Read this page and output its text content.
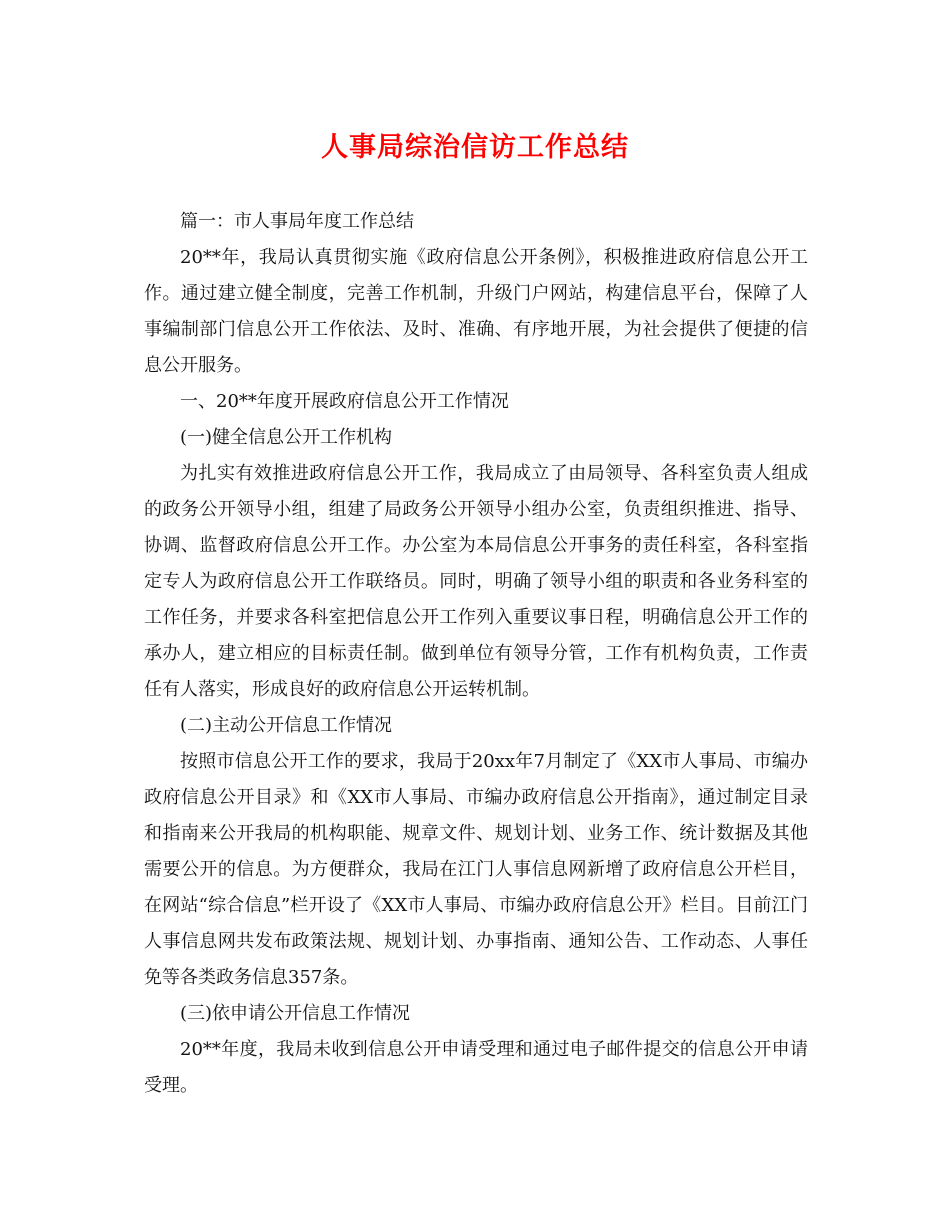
人事局综治信访工作总结

篇一：市人事局年度工作总结

20**年，我局认真贯彻实施《政府信息公开条例》，积极推进政府信息公开工作。通过建立健全制度，完善工作机制，升级门户网站，构建信息平台，保障了人事编制部门信息公开工作依法、及时、准确、有序地开展，为社会提供了便捷的信息公开服务。

一、20**年度开展政府信息公开工作情况

(一)健全信息公开工作机构

为扎实有效推进政府信息公开工作，我局成立了由局领导、各科室负责人组成的政务公开领导小组，组建了局政务公开领导小组办公室，负责组织推进、指导、协调、监督政府信息公开工作。办公室为本局信息公开事务的责任科室，各科室指定专人为政府信息公开工作联络员。同时，明确了领导小组的职责和各业务科室的工作任务，并要求各科室把信息公开工作列入重要议事日程，明确信息公开工作的承办人，建立相应的目标责任制。做到单位有领导分管，工作有机构负责，工作责任有人落实，形成良好的政府信息公开运转机制。

(二)主动公开信息工作情况

按照市信息公开工作的要求，我局于20xx年7月制定了《XX市人事局、市编办政府信息公开目录》和《XX市人事局、市编办政府信息公开指南》，通过制定目录和指南来公开我局的机构职能、规章文件、规划计划、业务工作、统计数据及其他需要公开的信息。为方便群众，我局在江门人事信息网新增了政府信息公开栏目，在网站“综合信息”栏开设了《XX市人事局、市编办政府信息公开》栏目。目前江门人事信息网共发布政策法规、规划计划、办事指南、通知公告、工作动态、人事任免等各类政务信息357条。

(三)依申请公开信息工作情况

20**年度，我局未收到信息公开申请受理和通过电子邮件提交的信息公开申请受理。
